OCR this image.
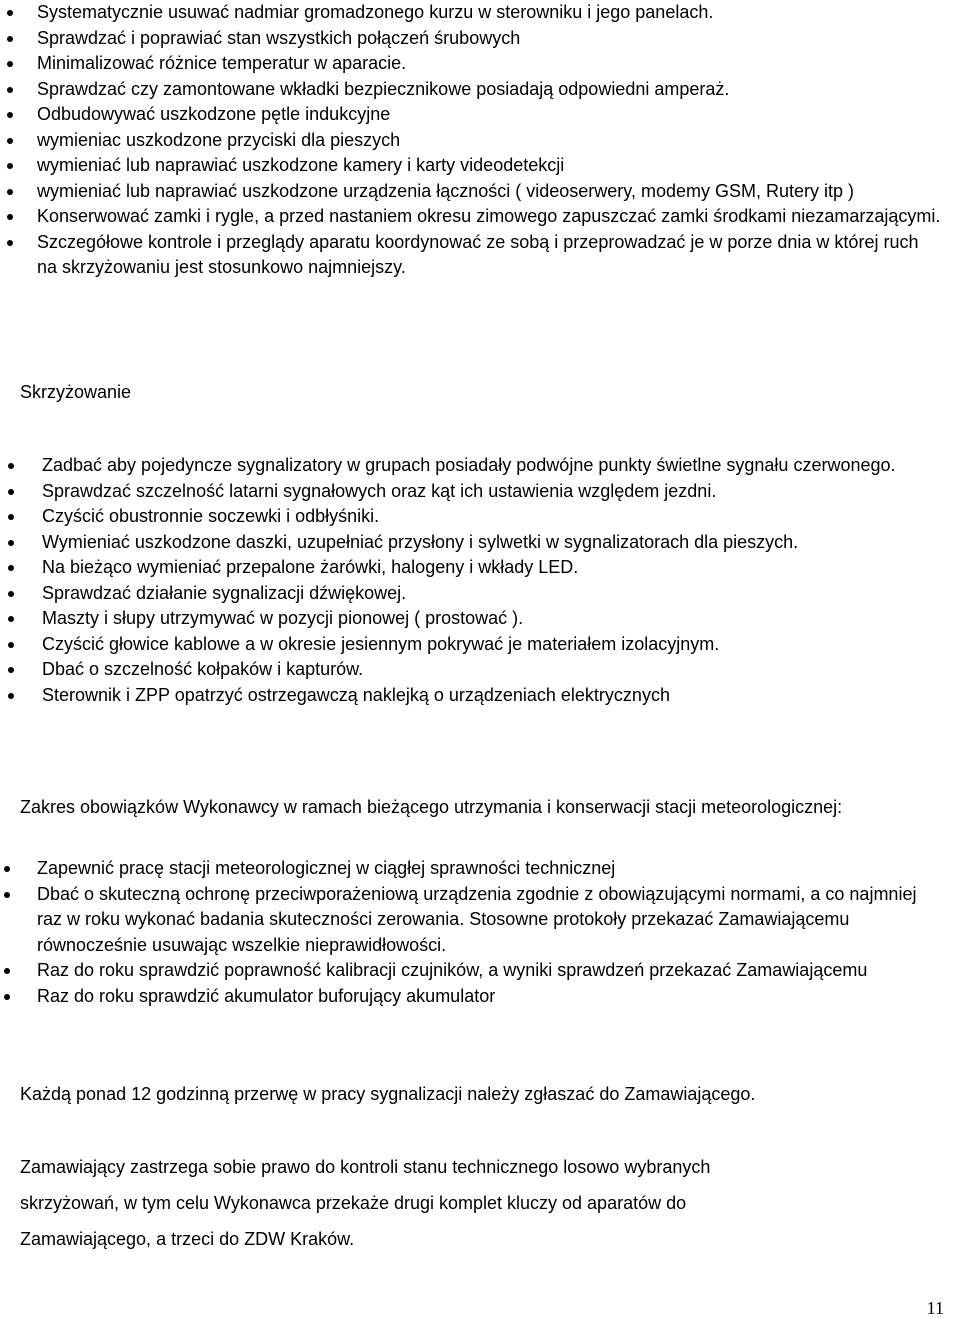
Systematycznie usuwać nadmiar gromadzonego kurzu w sterowniku i jego panelach.
Sprawdzać i poprawiać stan wszystkich połączeń śrubowych
Minimalizować różnice temperatur w aparacie.
Sprawdzać czy zamontowane wkładki bezpiecznikowe posiadają odpowiedni amperaż.
Odbudowywać uszkodzone pętle indukcyjne
wymieniac uszkodzone przyciski dla pieszych
wymieniać lub naprawiać uszkodzone kamery i karty videodetekcji
wymieniać lub naprawiać uszkodzone urządzenia łączności ( videoserwery, modemy GSM, Rutery itp )
Konserwować zamki i rygle, a przed nastaniem okresu zimowego zapuszczać zamki środkami niezamarzającymi.
Szczegółowe kontrole i przeglądy aparatu koordynować ze sobą i przeprowadzać je w porze dnia w której ruch na skrzyżowaniu jest stosunkowo najmniejszy.
Skrzyżowanie
Zadbać aby pojedyncze sygnalizatory w grupach posiadały podwójne punkty świetlne sygnału czerwonego.
Sprawdzać szczelność latarni sygnałowych oraz kąt ich ustawienia względem jezdni.
Czyścić obustronnie soczewki i odbłyśniki.
Wymieniać uszkodzone daszki, uzupełniać przysłony i sylwetki w sygnalizatorach dla pieszych.
Na bieżąco wymieniać przepalone żarówki, halogeny i wkłady LED.
Sprawdzać działanie sygnalizacji dźwiękowej.
Maszty i słupy utrzymywać w pozycji pionowej ( prostować ).
Czyścić głowice kablowe a w okresie jesiennym pokrywać je materiałem izolacyjnym.
Dbać o szczelność kołpaków i kapturów.
Sterownik i ZPP opatrzyć ostrzegawczą naklejką o urządzeniach elektrycznych
Zakres obowiązków Wykonawcy w ramach bieżącego utrzymania i konserwacji stacji meteorologicznej:
Zapewnić pracę stacji meteorologicznej w ciągłej sprawności technicznej
Dbać o skuteczną ochronę przeciwporażeniową urządzenia zgodnie z obowiązującymi normami, a co najmniej raz w roku wykonać badania skuteczności zerowania. Stosowne protokoły przekazać Zamawiającemu równocześnie usuwając wszelkie nieprawidłowości.
Raz do roku sprawdzić poprawność kalibracji czujników, a wyniki sprawdzeń przekazać Zamawiającemu
Raz do roku sprawdzić akumulator buforujący akumulator

Każdą ponad 12 godzinną przerwę w pracy sygnalizacji należy zgłaszać do Zamawiającego.

Zamawiający zastrzega sobie prawo do kontroli stanu technicznego losowo wybranych skrzyżowań, w tym celu Wykonawca przekaże drugi komplet kluczy od aparatów do Zamawiającego, a trzeci do ZDW Kraków.

11
